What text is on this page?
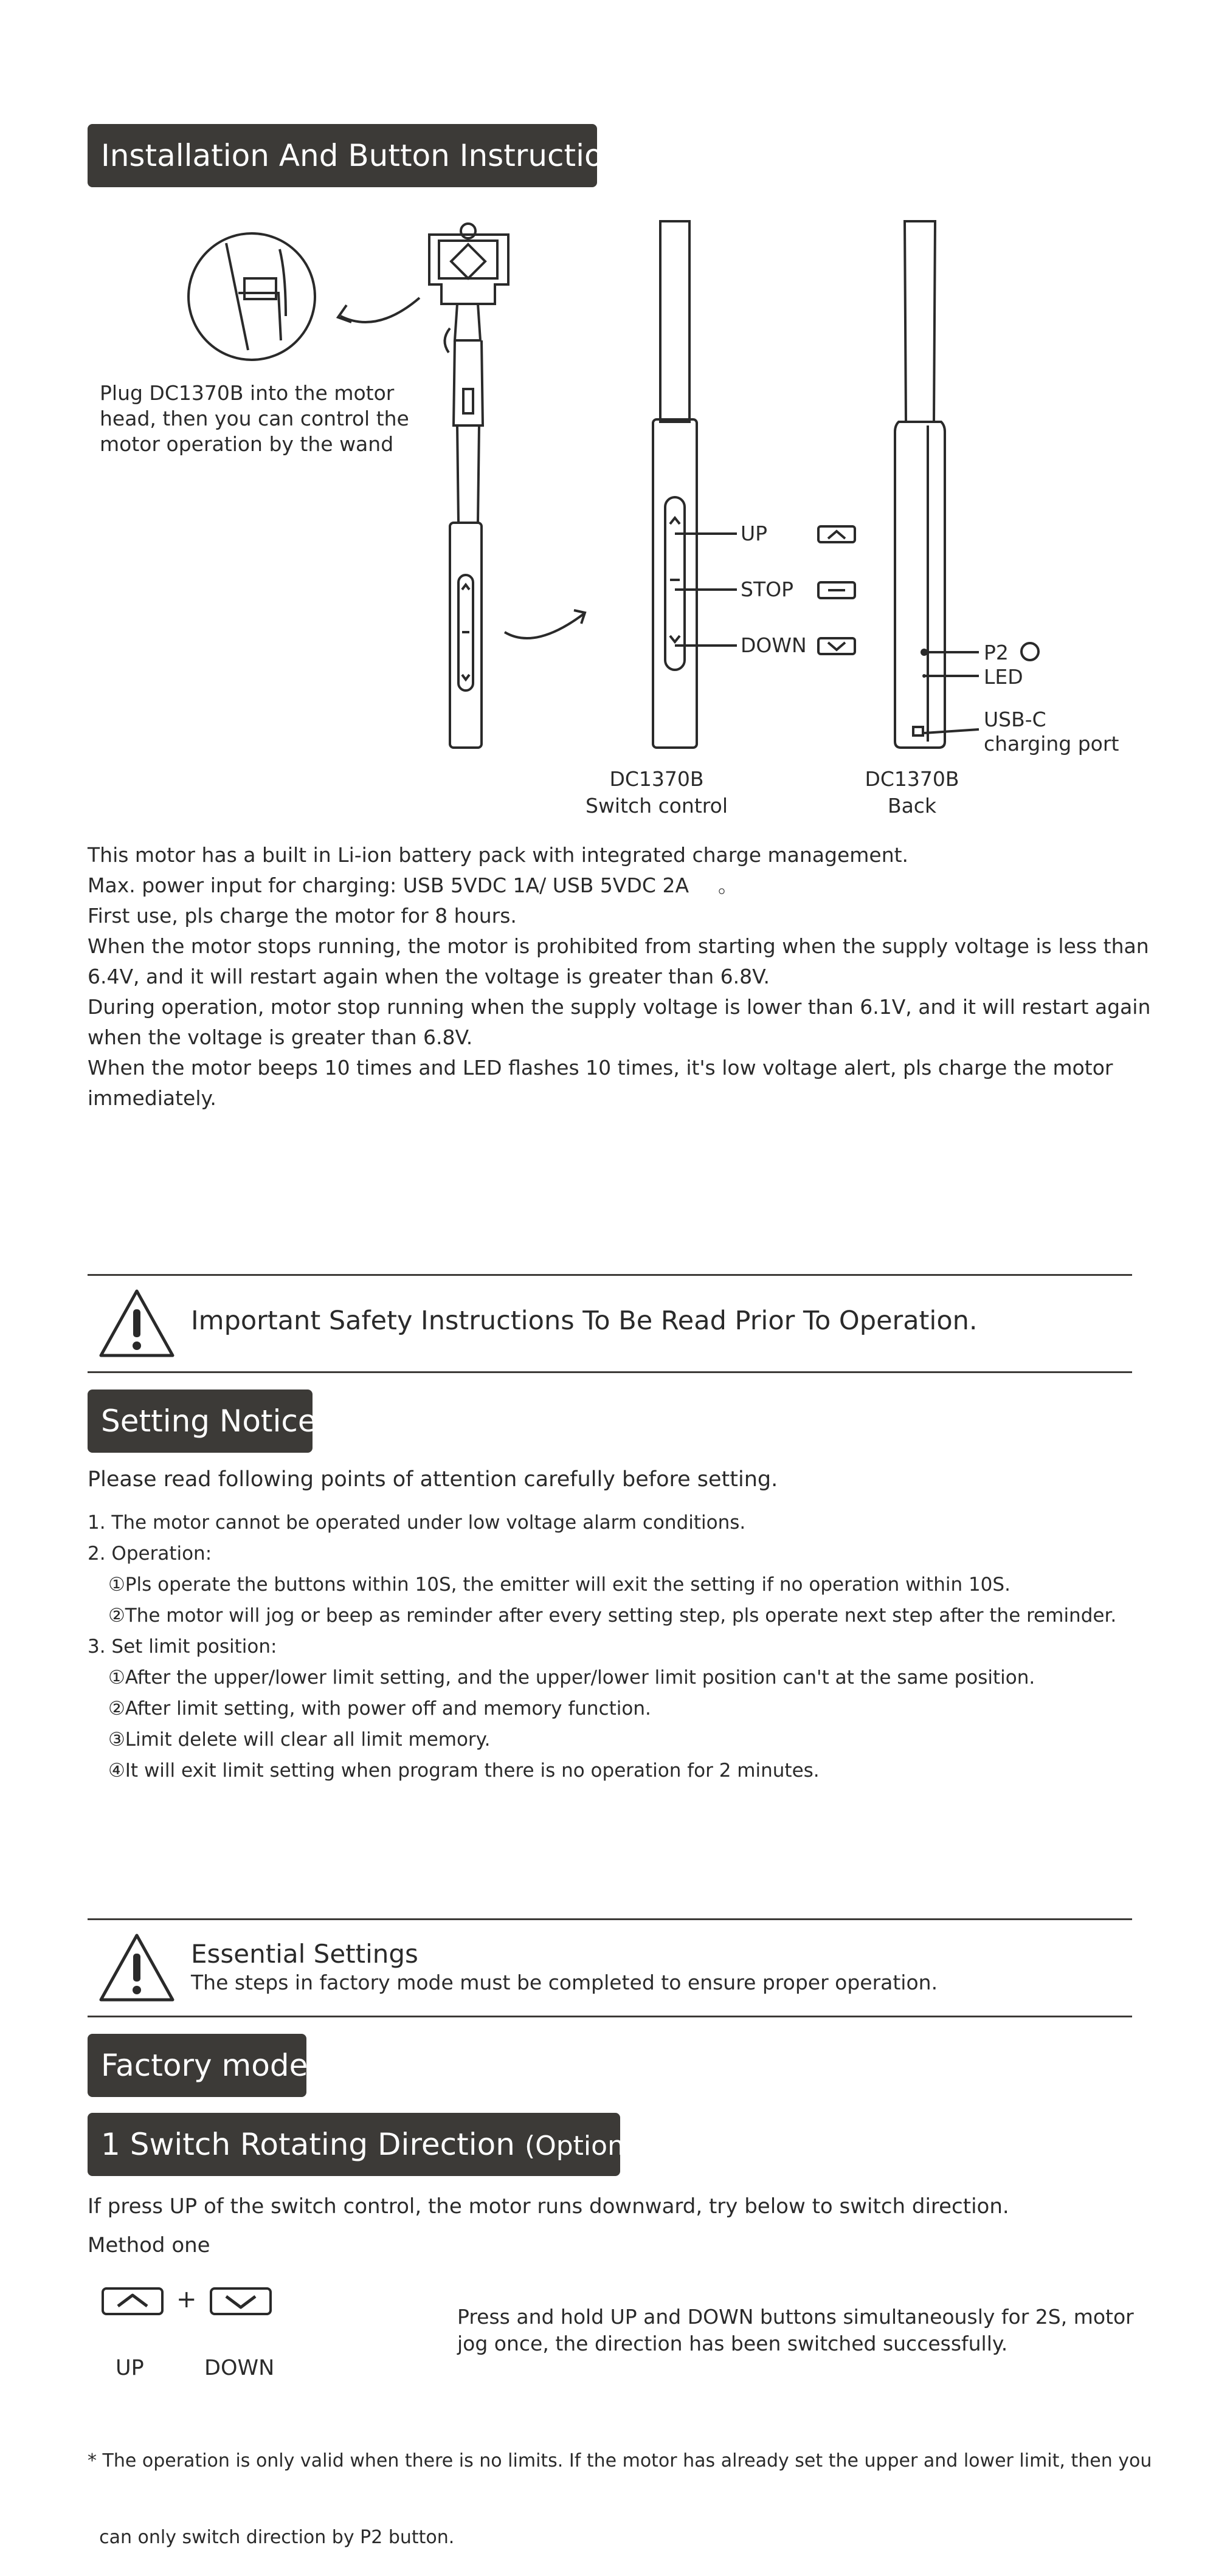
Installation And Button Instructions
Plug DC1370B into the motor
head, then you can control the
motor operation by the wand
UP
STOP
DOWN	P2
LED
USB-C
charging port
DC1370B
Switch control
DC1370B
Back
This motor has a built in Li-ion battery pack with integrated charge management.
Max. power input for charging: USB 5VDC 1A/ USB 5VDC 2A 。
First use, pls charge the motor for 8 hours.
When the motor stops running, the motor is prohibited from starting when the supply voltage is less than
6.4V, and it will restart again when the voltage is greater than 6.8V.
During operation, motor stop running when the supply voltage is lower than 6.1V, and it will restart again
when the voltage is greater than 6.8V.
When the motor beeps 10 times and LED flashes 10 times, it's low voltage alert, pls charge the motor
immediately.
Important Safety Instructions To Be Read Prior To Operation.
Setting Notice
Please read following points of attention carefully before setting.
1. The motor cannot be operated under low voltage alarm conditions.
2. Operation:
①Pls operate the buttons within 10S, the emitter will exit the setting if no operation within 10S.
②The motor will jog or beep as reminder after every setting step, pls operate next step after the reminder.
3. Set limit position:
①After the upper/lower limit setting, and the upper/lower limit position can't at the same position.
②After limit setting, with power off and memory function.
③Limit delete will clear all limit memory.
④It will exit limit setting when program there is no operation for 2 minutes.
Essential Settings
The steps in factory mode must be completed to ensure proper operation.
Factory mode
1 Switch Rotating Direction (Optional)
If press UP of the switch control, the motor runs downward, try below to switch direction.
Method one
+
UP	DOWN
Press and hold UP and DOWN buttons simultaneously for 2S, motor
jog once, the direction has been switched successfully.

* The operation is only valid when there is no limits. If the motor has already set the upper and lower limit, then you

can only switch direction by P2 button.
